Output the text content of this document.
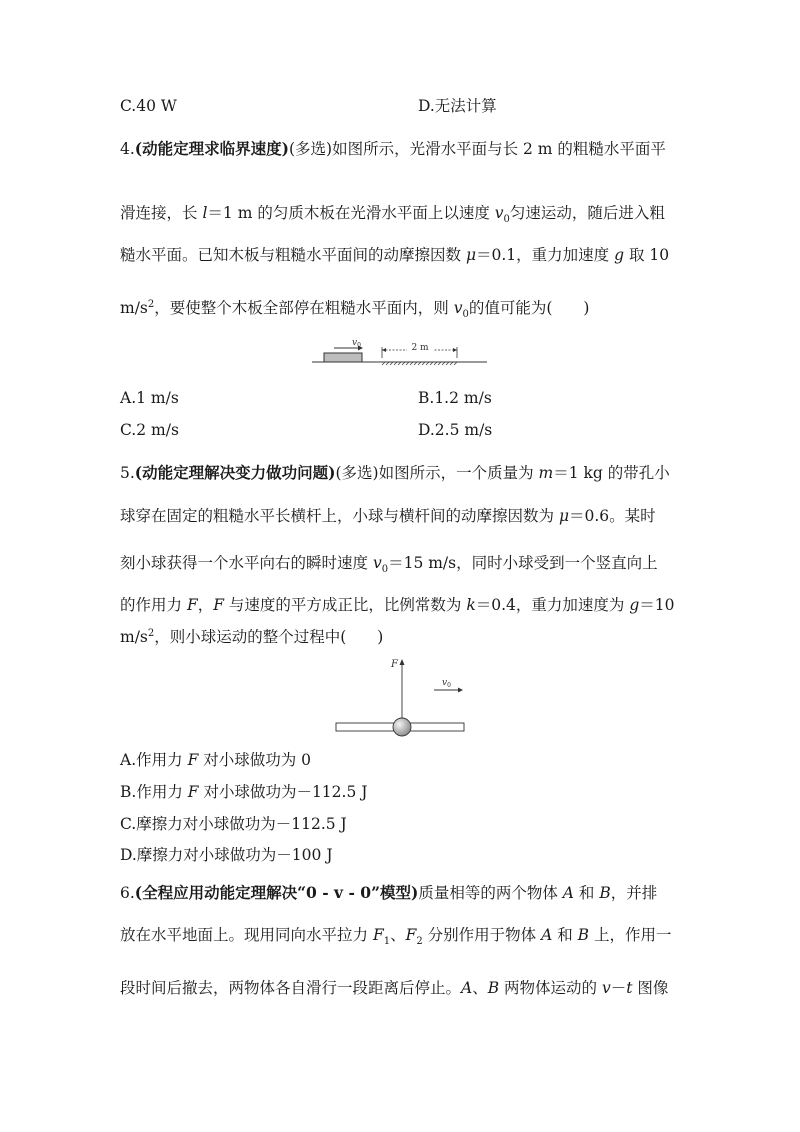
C.40 W	D.无法计算
4.(动能定理求临界速度)(多选)如图所示，光滑水平面与长 2 m 的粗糙水平面平
滑连接，长 l＝1 m 的匀质木板在光滑水平面上以速度 $v_0$匀速运动，随后进入粗
糙水平面。已知木板与粗糙水平面间的动摩擦因数 μ＝0.1，重力加速度 g 取 10
$m/s^2$，要使整个木板全部停在粗糙水平面内，则 $v_0$的值可能为(　　)
$v_0$	2 m
A.1 m/s	B.1.2 m/s
C.2 m/s	D.2.5 m/s
5.(动能定理解决变力做功问题)(多选)如图所示，一个质量为 m＝1 kg 的带孔小
球穿在固定的粗糙水平长横杆上，小球与横杆间的动摩擦因数为 μ＝0.6。某时
刻小球获得一个水平向右的瞬时速度 $v_0=15$ m/s，同时小球受到一个竖直向上
的作用力 F，F 与速度的平方成正比，比例常数为 k＝0.4，重力加速度为 g＝10
$m/s^2$，则小球运动的整个过程中(　　)
F
$v_0$
A.作用力 F 对小球做功为 0
B.作用力 F 对小球做功为－112.5 J
C.摩擦力对小球做功为－112.5 J
D.摩擦力对小球做功为－100 J
6.(全程应用动能定理解决“0 - v - 0”模型)质量相等的两个物体 A 和 B，并排
放在水平地面上。现用同向水平拉力 $F_1$、$F_2$ 分别作用于物体 A 和 B 上，作用一
段时间后撤去，两物体各自滑行一段距离后停止。A、B 两物体运动的 v－t 图像
